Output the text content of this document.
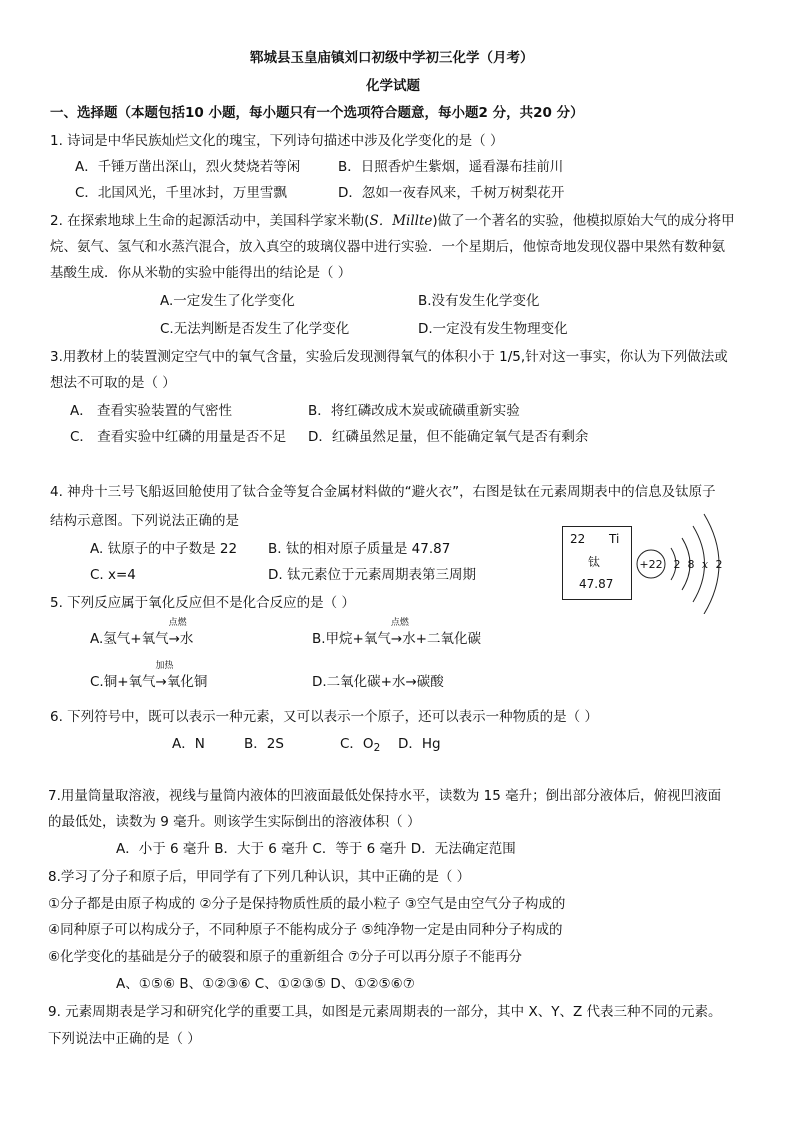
郓城县玉皇庙镇刘口初级中学初三化学（月考）
化学试题
一、选择题（本题包括10 小题，每小题只有一个选项符合题意，每小题2 分，共20 分）
1. 诗词是中华民族灿烂文化的瑰宝，下列诗句描述中涉及化学变化的是（ ）
A．千锤万凿出深山，烈火焚烧若等闲	B．日照香炉生紫烟，遥看瀑布挂前川
C．北国风光，千里冰封，万里雪飘	D．忽如一夜春风来，千树万树梨花开
2. 在探索地球上生命的起源活动中，美国科学家米勒(S．Millte)做了一个著名的实验，他模拟原始大气的成分将甲
烷、氨气、氢气和水蒸汽混合，放入真空的玻璃仪器中进行实验．一个星期后，他惊奇地发现仪器中果然有数种氨
基酸生成．你从米勒的实验中能得出的结论是（ ）
A.一定发生了化学变化	B.没有发生化学变化
C.无法判断是否发生了化学变化	D.一定没有发生物理变化
3.用教材上的装置测定空气中的氧气含量，实验后发现测得氧气的体积小于 1/5,针对这一事实，你认为下列做法或
想法不可取的是（ ）
A． 查看实验装置的气密性	B．将红磷改成木炭或硫磺重新实验
C． 查看实验中红磷的用量是否不足 D．红磷虽然足量，但不能确定氧气是否有剩余
4. 神舟十三号飞船返回舱使用了钛合金等复合金属材料做的“避火衣”，右图是钛在元素周期表中的信息及钛原子
结构示意图。下列说法正确的是
A. 钛原子的中子数是 22 B. 钛的相对原子质量是 47.87
C. x=4	D. 钛元素位于元素周期表第三周期
22 Ti
钛
47.87
+22 2 8 x 2
5. 下列反应属于氧化反应但不是化合反应的是（ ）
A.氢气+氧气
点燃
→水	B.甲烷+氧气
点燃
→水+二氧化碳
C.铜+氧气
加热
→氧化铜	D.二氧化碳+水→碳酸
6. 下列符号中，既可以表示一种元素，又可以表示一个原子，还可以表示一种物质的是（ ）
A．N	B．2S	C．$O_2$ D．Hg
7.用量筒量取溶液，视线与量筒内液体的凹液面最低处保持水平，读数为 15 毫升；倒出部分液体后，俯视凹液面
的最低处，读数为 9 毫升。则该学生实际倒出的溶液体积（ ）
A．小于 6 毫升 B．大于 6 毫升 C．等于 6 毫升 D．无法确定范围
8.学习了分子和原子后，甲同学有了下列几种认识，其中正确的是（ ）
①分子都是由原子构成的 ②分子是保持物质性质的最小粒子 ③空气是由空气分子构成的
④同种原子可以构成分子，不同种原子不能构成分子 ⑤纯净物一定是由同种分子构成的
⑥化学变化的基础是分子的破裂和原子的重新组合 ⑦分子可以再分原子不能再分
A、①⑤⑥ B、①②③⑥ C、①②③⑤ D、①②⑤⑥⑦
9. 元素周期表是学习和研究化学的重要工具，如图是元素周期表的一部分，其中 X、Y、Z 代表三种不同的元素。
下列说法中正确的是（ ）
